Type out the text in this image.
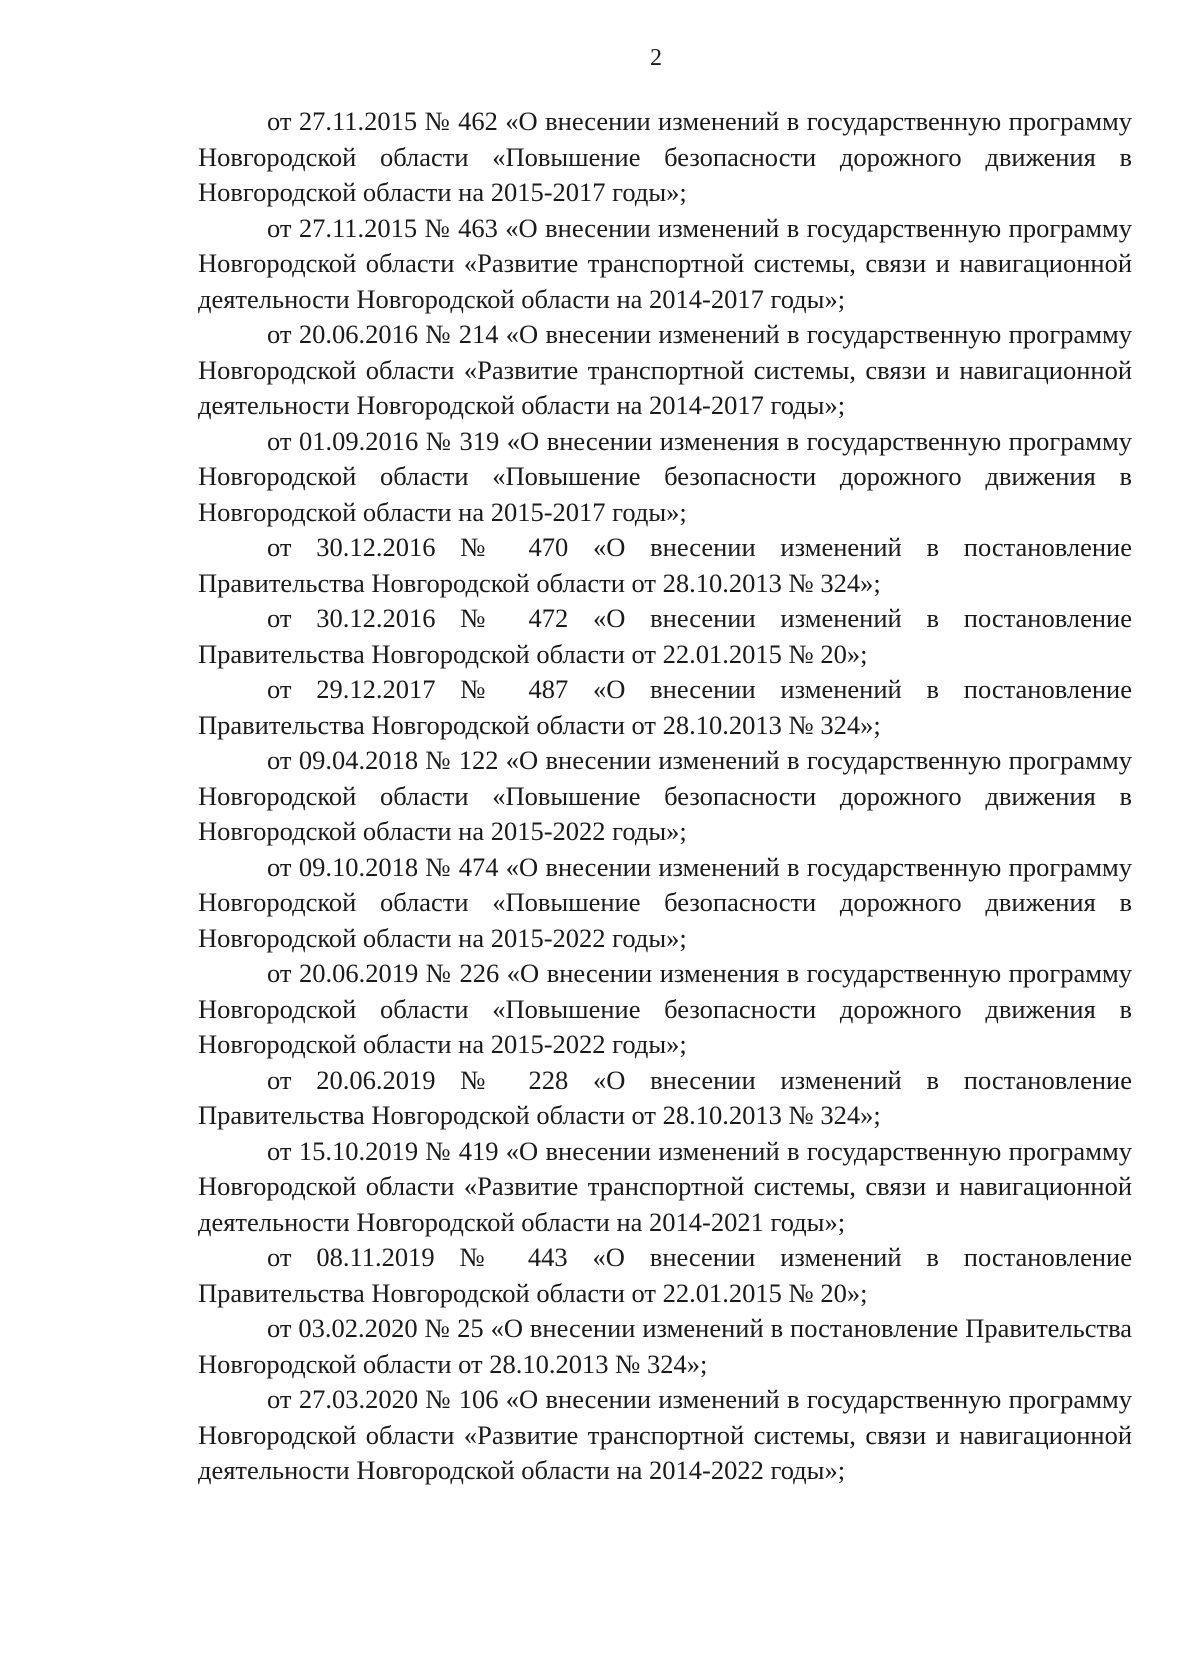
2

от 27.11.2015 № 462 «О внесении изменений в государственную программу Новгородской области «Повышение безопасности дорожного движения в Новгородской области на 2015-2017 годы»;

от 27.11.2015 № 463 «О внесении изменений в государственную программу Новгородской области «Развитие транспортной системы, связи и навигационной деятельности Новгородской области на 2014-2017 годы»;

от 20.06.2016 № 214 «О внесении изменений в государственную программу Новгородской области «Развитие транспортной системы, связи и навигационной деятельности Новгородской области на 2014-2017 годы»;

от 01.09.2016 № 319 «О внесении изменения в государственную программу Новгородской области «Повышение безопасности дорожного движения в Новгородской области на 2015-2017 годы»;

от 30.12.2016 № 470 «О внесении изменений в постановление Правительства Новгородской области от 28.10.2013 № 324»;

от 30.12.2016 № 472 «О внесении изменений в постановление Правительства Новгородской области от 22.01.2015 № 20»;

от 29.12.2017 № 487 «О внесении изменений в постановление Правительства Новгородской области от 28.10.2013 № 324»;

от 09.04.2018 № 122 «О внесении изменений в государственную программу Новгородской области «Повышение безопасности дорожного движения в Новгородской области на 2015-2022 годы»;

от 09.10.2018 № 474 «О внесении изменений в государственную программу Новгородской области «Повышение безопасности дорожного движения в Новгородской области на 2015-2022 годы»;

от 20.06.2019 № 226 «О внесении изменения в государственную программу Новгородской области «Повышение безопасности дорожного движения в Новгородской области на 2015-2022 годы»;

от 20.06.2019 № 228 «О внесении изменений в постановление Правительства Новгородской области от 28.10.2013 № 324»;

от 15.10.2019 № 419 «О внесении изменений в государственную программу Новгородской области «Развитие транспортной системы, связи и навигационной деятельности Новгородской области на 2014-2021 годы»;

от 08.11.2019 № 443 «О внесении изменений в постановление Правительства Новгородской области от 22.01.2015 № 20»;

от 03.02.2020 № 25 «О внесении изменений в постановление Правительства Новгородской области от 28.10.2013 № 324»;

от 27.03.2020 № 106 «О внесении изменений в государственную программу Новгородской области «Развитие транспортной системы, связи и навигационной деятельности Новгородской области на 2014-2022 годы»;
